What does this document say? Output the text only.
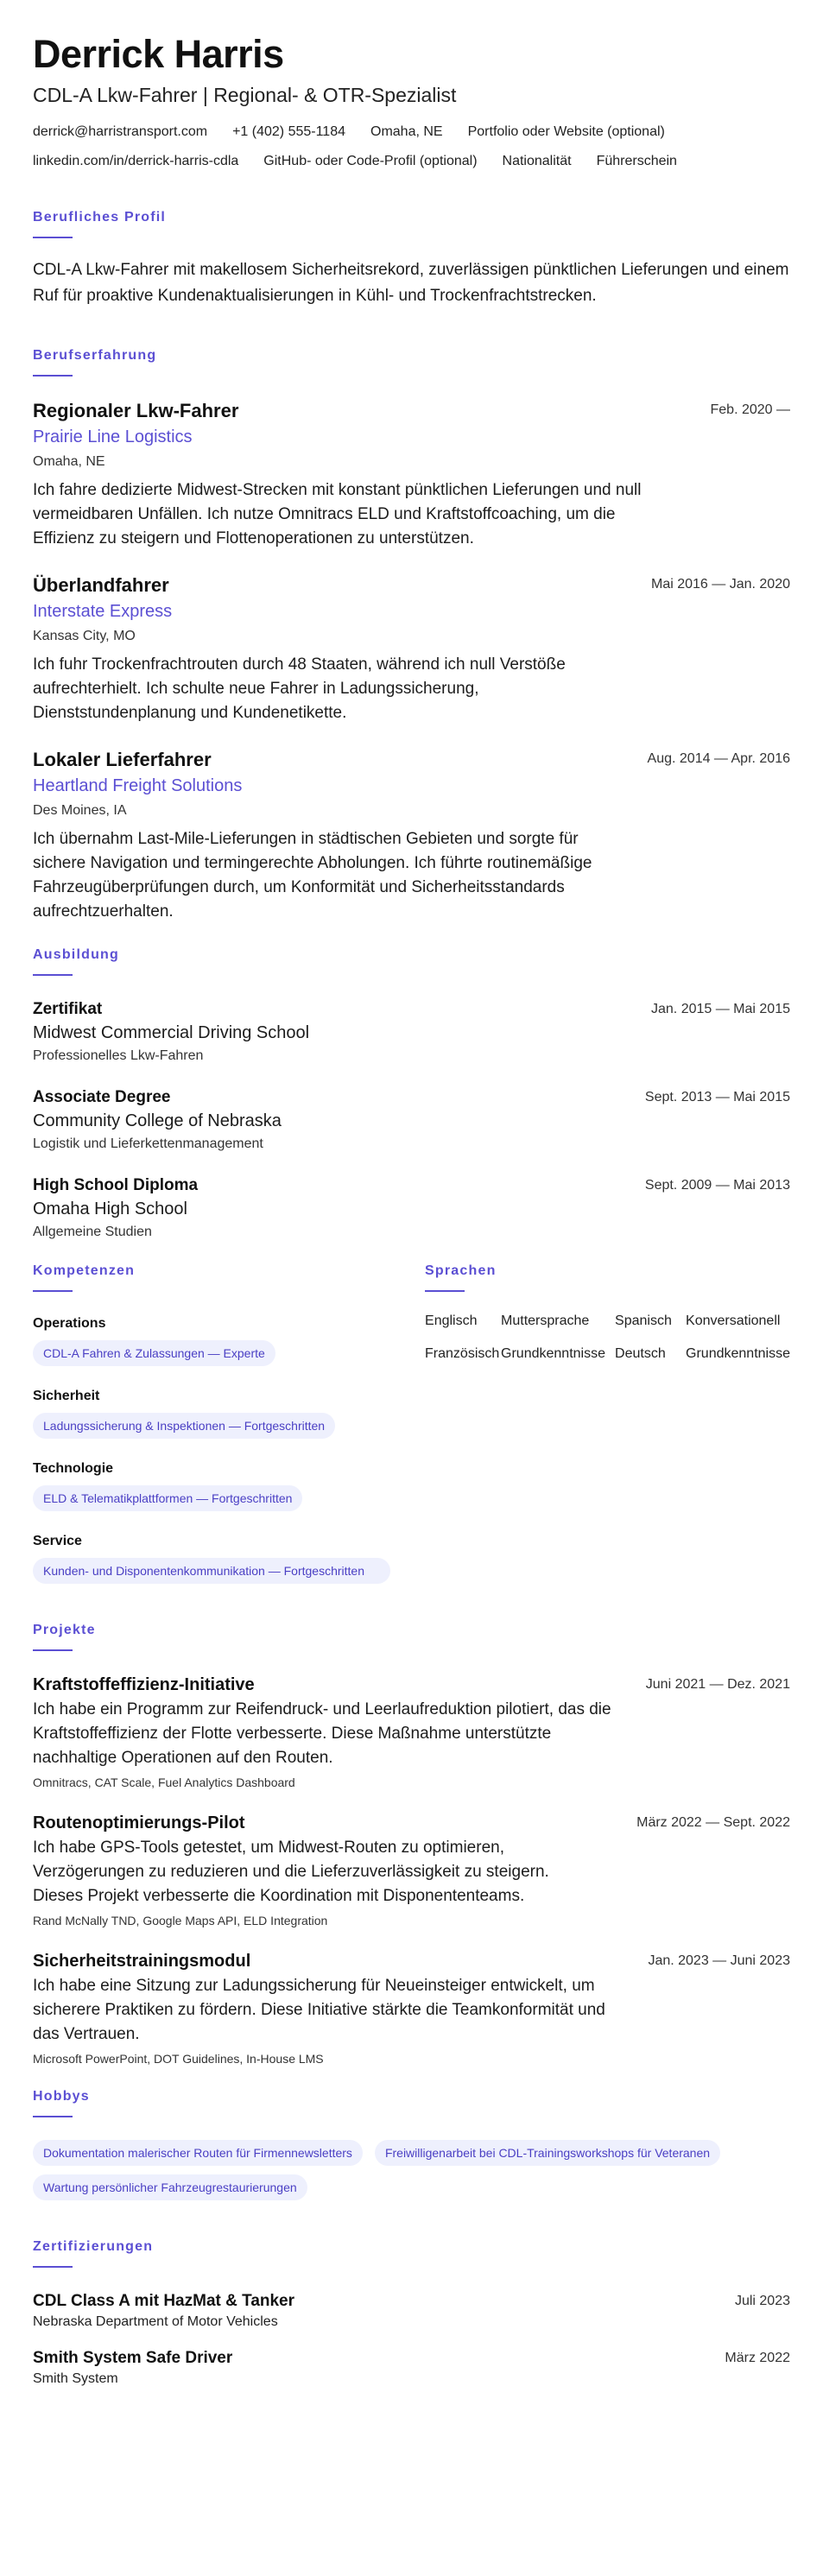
Derrick Harris
CDL-A Lkw-Fahrer | Regional- & OTR-Spezialist
derrick@harristransport.com +1 (402) 555-1184 Omaha, NE Portfolio oder Website (optional)
linkedin.com/in/derrick-harris-cdla GitHub- oder Code-Profil (optional) Nationalität Führerschein
Berufliches Profil

CDL-A Lkw-Fahrer mit makellosem Sicherheitsrekord, zuverlässigen pünktlichen Lieferungen und einem Ruf für proaktive Kundenaktualisierungen in Kühl- und Trockenfrachtstrecken.

Berufserfahrung
Regionaler Lkw-Fahrer
Prairie Line Logistics
Omaha, NE
Ich fahre dedizierte Midwest-Strecken mit konstant pünktlichen Lieferungen und null vermeidbaren Unfällen. Ich nutze Omnitracs ELD und Kraftstoffcoaching, um die Effizienz zu steigern und Flottenoperationen zu unterstützen.
Feb. 2020 —
Überlandfahrer
Interstate Express
Kansas City, MO
Ich fuhr Trockenfrachtrouten durch 48 Staaten, während ich null Verstöße aufrechterhielt. Ich schulte neue Fahrer in Ladungssicherung, Dienststundenplanung und Kundenetikette.
Mai 2016 — Jan. 2020
Lokaler Lieferfahrer
Heartland Freight Solutions
Des Moines, IA
Ich übernahm Last-Mile-Lieferungen in städtischen Gebieten und sorgte für sichere Navigation und termingerechte Abholungen. Ich führte routinemäßige Fahrzeugüberprüfungen durch, um Konformität und Sicherheitsstandards aufrechtzuerhalten.
Aug. 2014 — Apr. 2016
Ausbildung
Zertifikat
Midwest Commercial Driving School
Professionelles Lkw-Fahren
Jan. 2015 — Mai 2015
Associate Degree
Community College of Nebraska
Logistik und Lieferkettenmanagement
Sept. 2013 — Mai 2015
High School Diploma
Omaha High School
Allgemeine Studien
Sept. 2009 — Mai 2013
Kompetenzen
Operations
CDL-A Fahren & Zulassungen — Experte
Sicherheit
Ladungssicherung & Inspektionen — Fortgeschritten
Technologie
ELD & Telematikplattformen — Fortgeschritten
Service
Kunden- und Disponentenkommunikation — Fortgeschritten
Sprachen
Englisch	Muttersprache	Spanisch	Konversationell
Französisch Grundkenntnisse Deutsch	Grundkenntnisse
Projekte
Kraftstoffeffizienz-Initiative
Ich habe ein Programm zur Reifendruck- und Leerlaufreduktion pilotiert, das die Kraftstoffeffizienz der Flotte verbesserte. Diese Maßnahme unterstützte nachhaltige Operationen auf den Routen.
Omnitracs, CAT Scale, Fuel Analytics Dashboard
Juni 2021 — Dez. 2021
Routenoptimierungs-Pilot
Ich habe GPS-Tools getestet, um Midwest-Routen zu optimieren, Verzögerungen zu reduzieren und die Lieferzuverlässigkeit zu steigern. Dieses Projekt verbesserte die Koordination mit Disponententeams.
Rand McNally TND, Google Maps API, ELD Integration
März 2022 — Sept. 2022
Sicherheitstrainingsmodul
Ich habe eine Sitzung zur Ladungssicherung für Neueinsteiger entwickelt, um sicherere Praktiken zu fördern. Diese Initiative stärkte die Teamkonformität und das Vertrauen.
Microsoft PowerPoint, DOT Guidelines, In-House LMS
Jan. 2023 — Juni 2023
Hobbys
Dokumentation malerischer Routen für Firmennewsletters	Freiwilligenarbeit bei CDL-Trainingsworkshops für Veteranen
Wartung persönlicher Fahrzeugrestaurierungen
Zertifizierungen
CDL Class A mit HazMat & Tanker
Nebraska Department of Motor Vehicles
Juli 2023
Smith System Safe Driver
Smith System
März 2022
